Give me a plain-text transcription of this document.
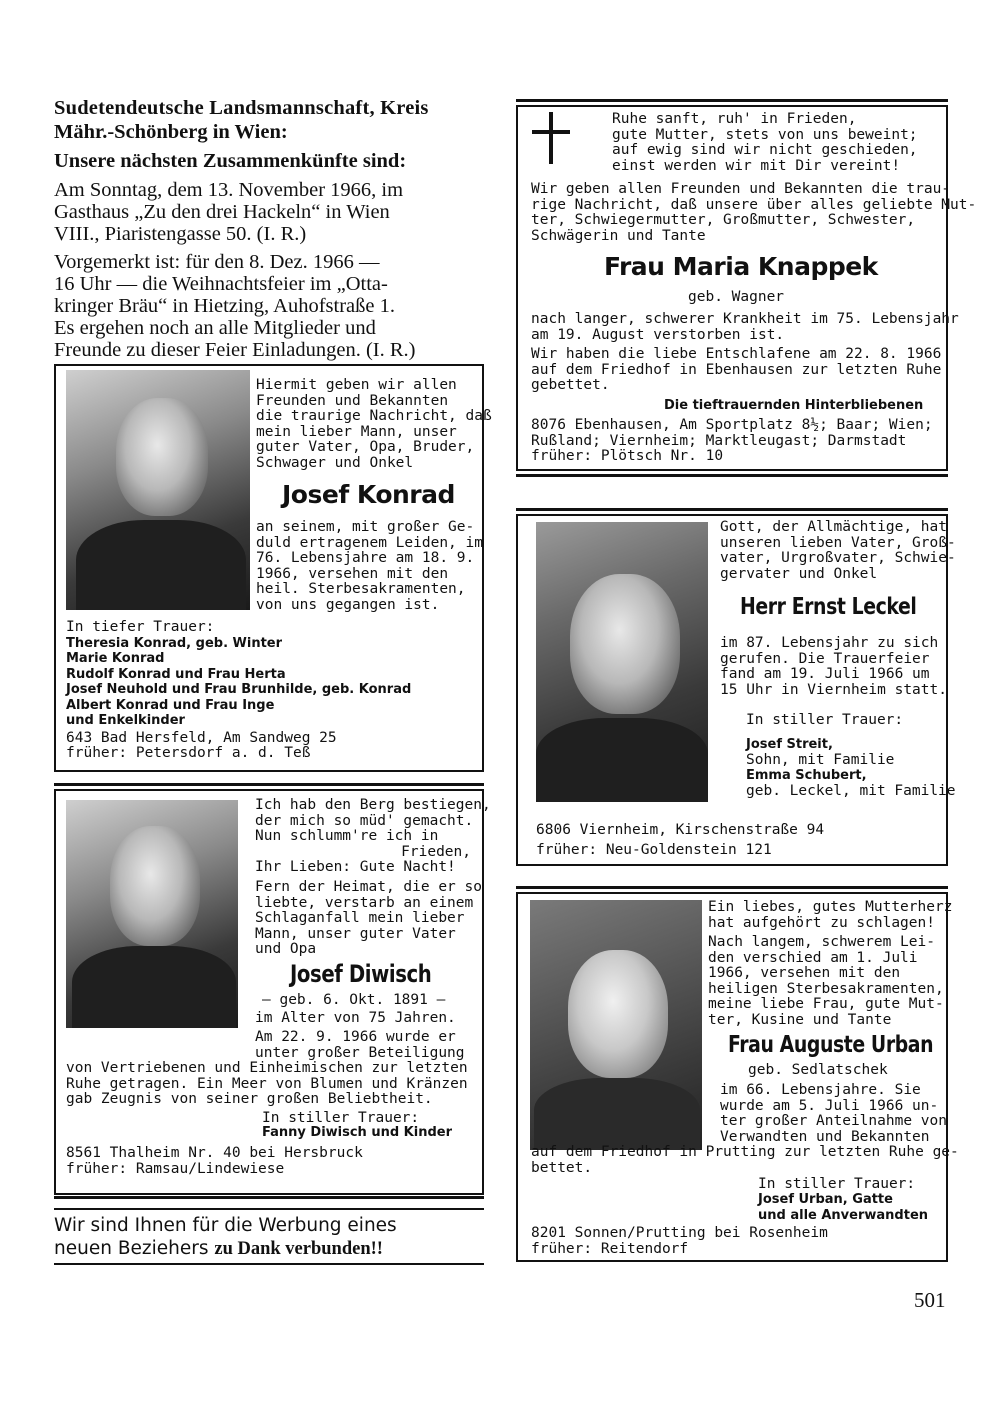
Sudetendeutsche Landsmannschaft, Kreis
Mähr.-Schönberg in Wien:
Unsere nächsten Zusammenkünfte sind:
Am Sonntag, dem 13. November 1966, im
Gasthaus „Zu den drei Hackeln“ in Wien
VIII., Piaristengasse 50. (I. R.)
Vorgemerkt ist: für den 8. Dez. 1966 —
16 Uhr — die Weihnachtsfeier im „Otta-
kringer Bräu“ in Hietzing, Auhofstraße 1.
Es ergehen noch an alle Mitglieder und
Freunde zu dieser Feier Einladungen. (I. R.)
Hiermit geben wir allen
Freunden und Bekannten
die traurige Nachricht, daß
mein lieber Mann, unser
guter Vater, Opa, Bruder,
Schwager und Onkel
Josef Konrad
an seinem, mit großer Ge-
duld ertragenem Leiden, im
76. Lebensjahre am 18. 9.
1966, versehen mit den
heil. Sterbesakramenten,
von uns gegangen ist.
In tiefer Trauer:
Theresia Konrad, geb. Winter
Marie Konrad
Rudolf Konrad und Frau Herta
Josef Neuhold und Frau Brunhilde, geb. Konrad
Albert Konrad und Frau Inge
und Enkelkinder
643 Bad Hersfeld, Am Sandweg 25
früher: Petersdorf a. d. Teß
Ich hab den Berg bestiegen,
der mich so müd' gemacht.
Nun schlumm're ich in
Frieden,
Ihr Lieben: Gute Nacht!
Fern der Heimat, die er so
liebte, verstarb an einem
Schlaganfall mein lieber
Mann, unser guter Vater
und Opa
Josef Diwisch
— geb. 6. Okt. 1891 —
im Alter von 75 Jahren.
Am 22. 9. 1966 wurde er
unter großer Beteiligung
von Vertriebenen und Einheimischen zur letzten
Ruhe getragen. Ein Meer von Blumen und Kränzen
gab Zeugnis von seiner großen Beliebtheit.
In stiller Trauer:
Fanny Diwisch und Kinder
8561 Thalheim Nr. 40 bei Hersbruck
früher: Ramsau/Lindewiese
Wir sind Ihnen für die Werbung eines
neuen Beziehers zu Dank verbunden!!
Ruhe sanft, ruh' in Frieden,
gute Mutter, stets von uns beweint;
auf ewig sind wir nicht geschieden,
einst werden wir mit Dir vereint!
Wir geben allen Freunden und Bekannten die trau-
rige Nachricht, daß unsere über alles geliebte Mut-
ter, Schwiegermutter, Großmutter, Schwester,
Schwägerin und Tante
Frau Maria Knappek
geb. Wagner
nach langer, schwerer Krankheit im 75. Lebensjahr
am 19. August verstorben ist.
Wir haben die liebe Entschlafene am 22. 8. 1966
auf dem Friedhof in Ebenhausen zur letzten Ruhe
gebettet.
Die tieftrauernden Hinterbliebenen
8076 Ebenhausen, Am Sportplatz 8½; Baar; Wien;
Rußland; Viernheim; Marktleugast; Darmstadt
früher: Plötsch Nr. 10
Gott, der Allmächtige, hat
unseren lieben Vater, Groß-
vater, Urgroßvater, Schwie-
gervater und Onkel
Herr Ernst Leckel
im 87. Lebensjahr zu sich
gerufen. Die Trauerfeier
fand am 19. Juli 1966 um
15 Uhr in Viernheim statt.
In stiller Trauer:
Josef Streit,
Sohn, mit Familie
Emma Schubert,
geb. Leckel, mit Familie
6806 Viernheim, Kirschenstraße 94
früher: Neu-Goldenstein 121
Ein liebes, gutes Mutterherz
hat aufgehört zu schlagen!
Nach langem, schwerem Lei-
den verschied am 1. Juli
1966, versehen mit den
heiligen Sterbesakramenten,
meine liebe Frau, gute Mut-
ter, Kusine und Tante
Frau Auguste Urban
geb. Sedlatschek
im 66. Lebensjahre. Sie
wurde am 5. Juli 1966 un-
ter großer Anteilnahme von
Verwandten und Bekannten
auf dem Friedhof in Prutting zur letzten Ruhe ge-
bettet.
In stiller Trauer:
Josef Urban, Gatte
und alle Anverwandten
8201 Sonnen/Prutting bei Rosenheim
früher: Reitendorf
501
